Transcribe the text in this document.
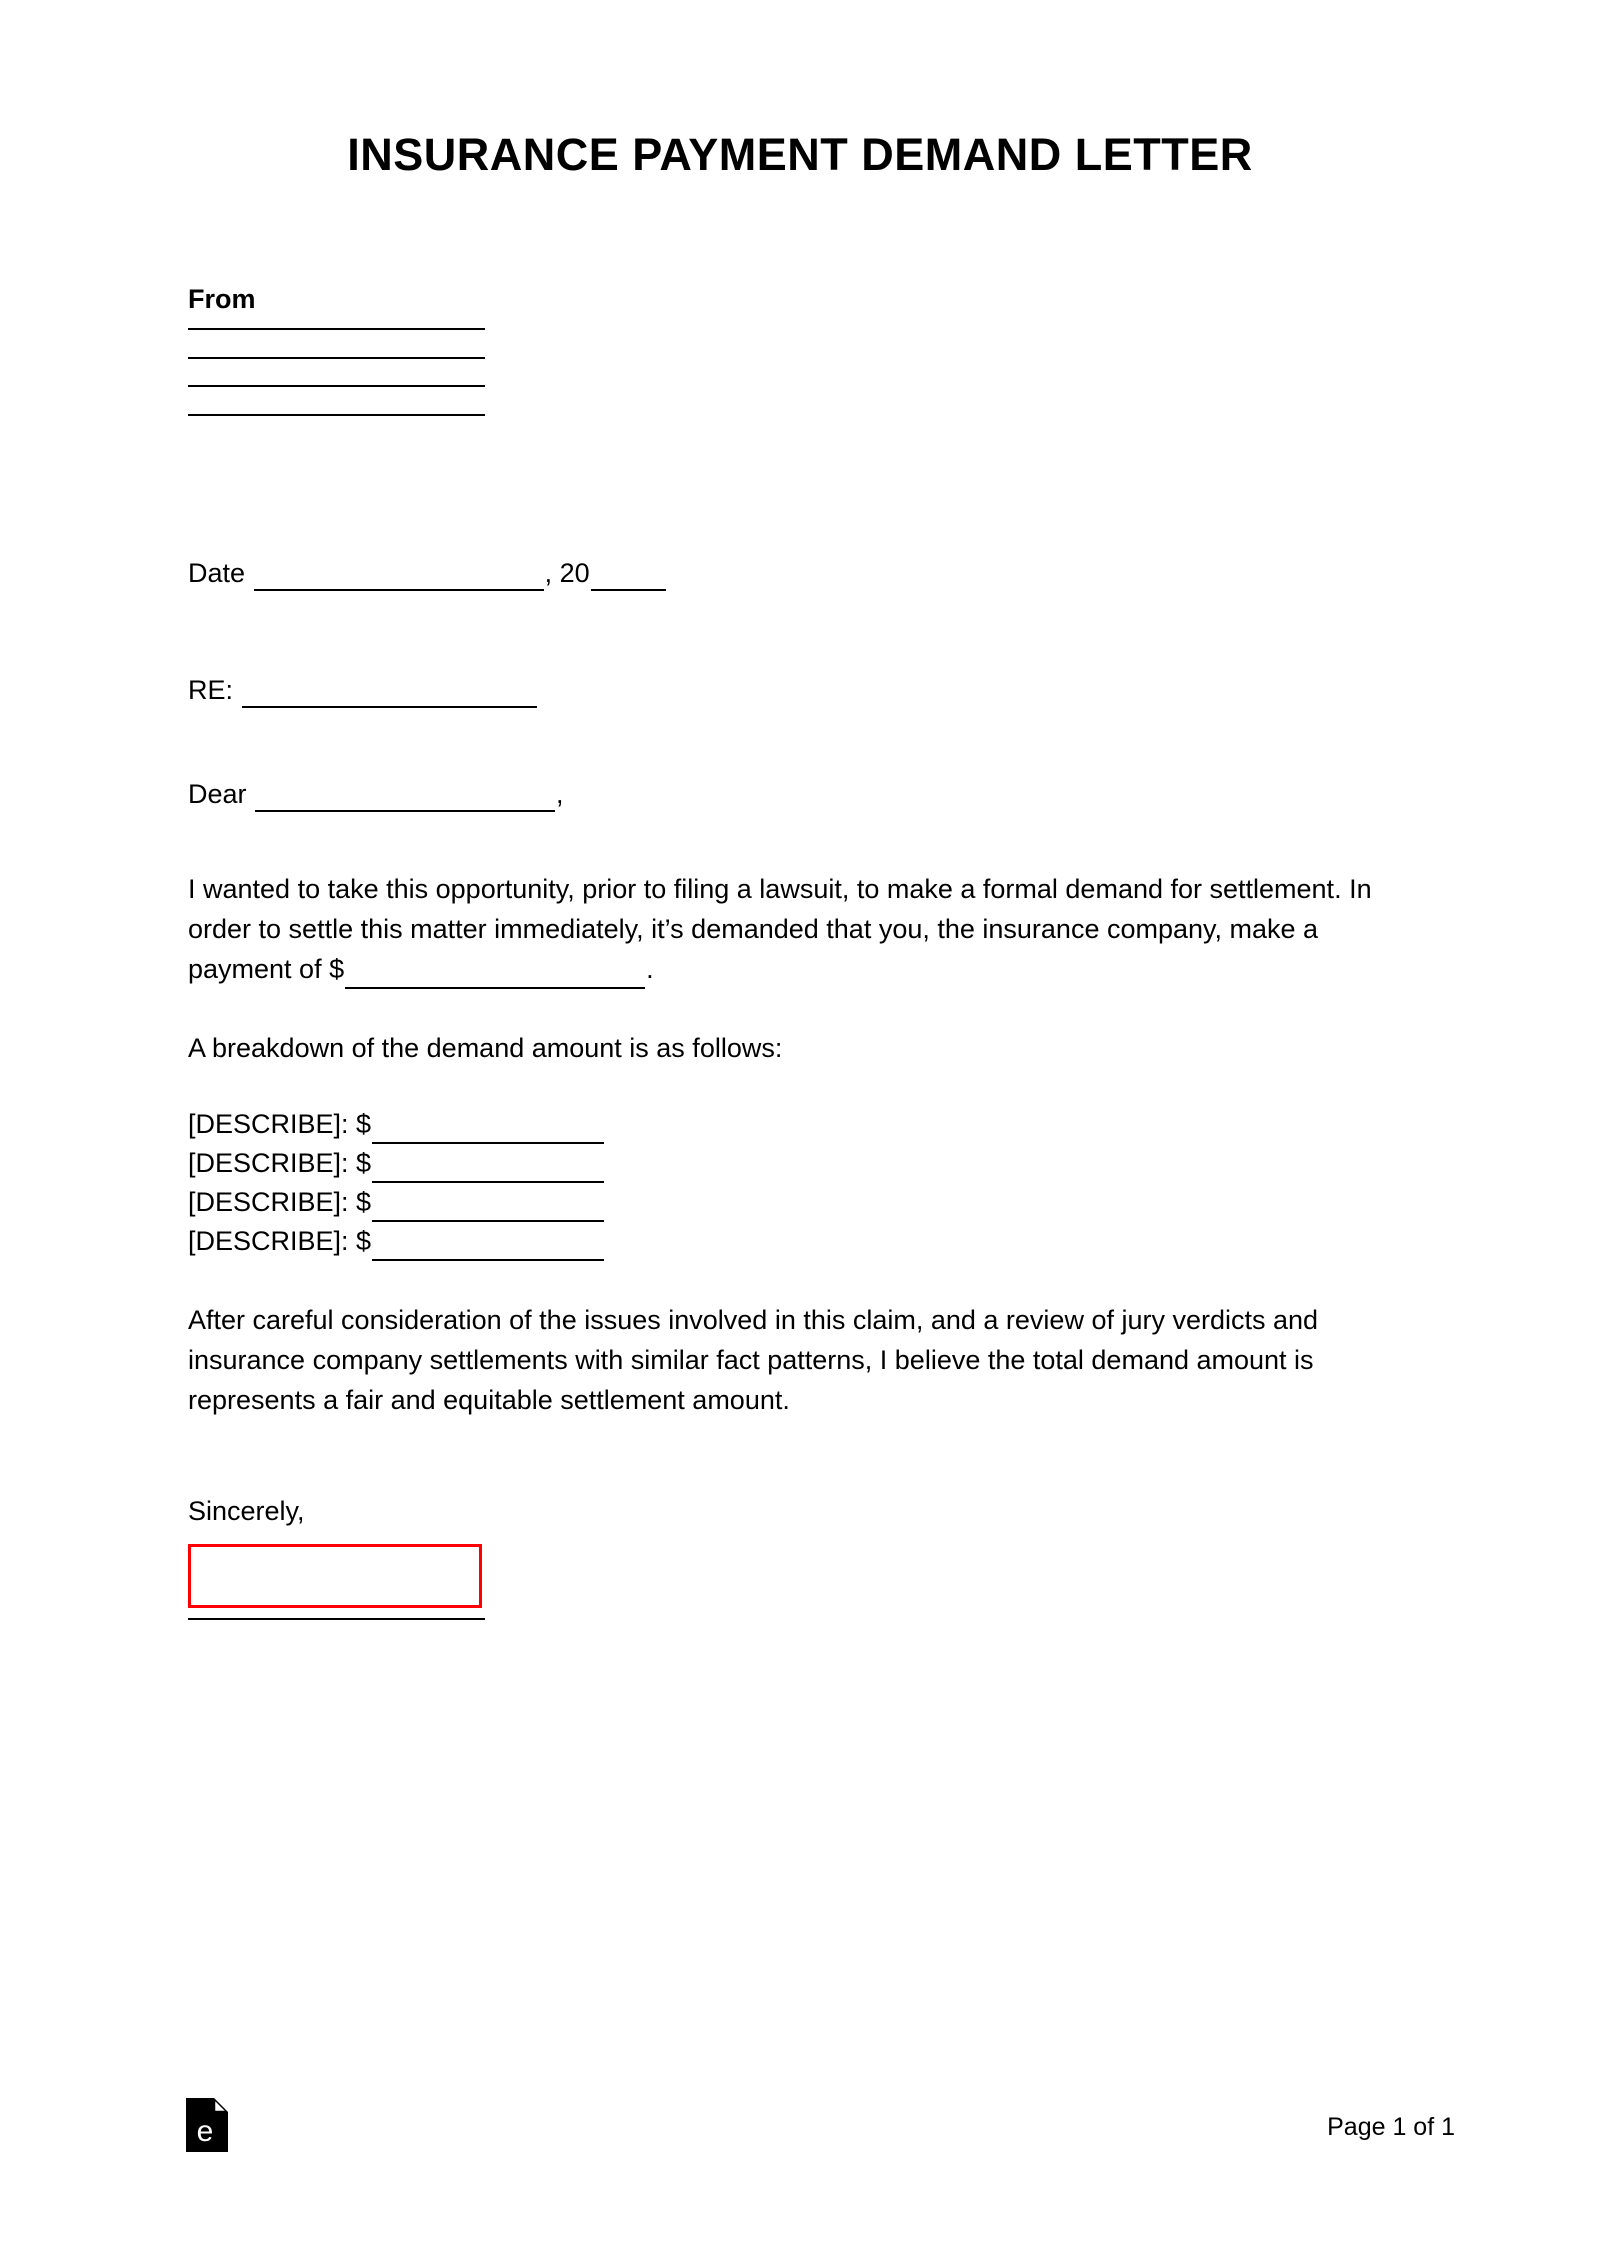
INSURANCE PAYMENT DEMAND LETTER
From
Date	, 20
RE:
Dear	,
I wanted to take this opportunity, prior to filing a lawsuit, to make a formal demand for settlement. In order to settle this matter immediately, it’s demanded that you, the insurance company, make a payment of $	.
A breakdown of the demand amount is as follows:
[DESCRIBE]: $
[DESCRIBE]: $
[DESCRIBE]: $
[DESCRIBE]: $
After careful consideration of the issues involved in this claim, and a review of jury verdicts and insurance company settlements with similar fact patterns, I believe the total demand amount is represents a fair and equitable settlement amount.
Sincerely,
e	Page 1 of 1
